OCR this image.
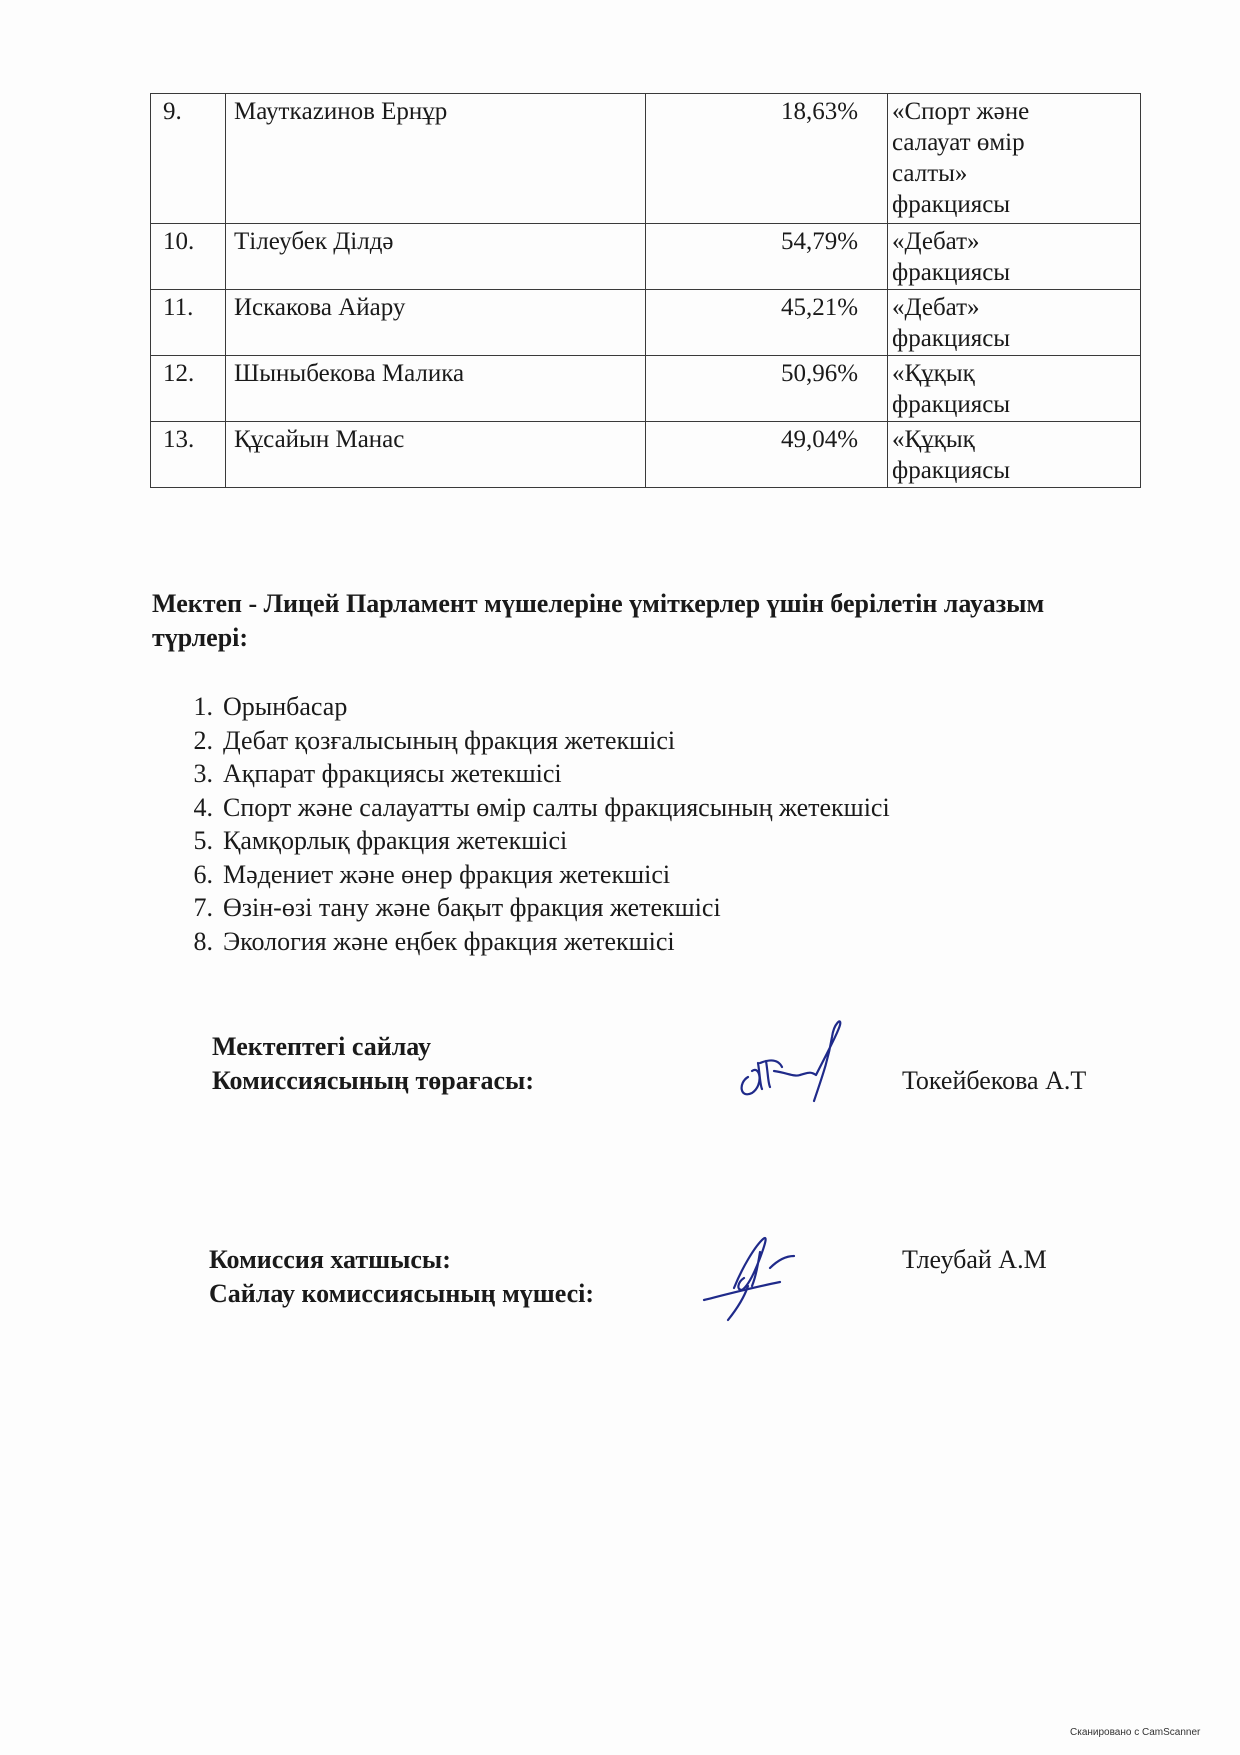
9.	Мауткazинов Ернұр	18,63%	«Спорт және
салауат өмір
салты»
фракциясы

10.	Тілеубек Ділдә	54,79%	«Дебат»
фракциясы

11.	Искакова Айару	45,21%	«Дебат»
фракциясы

12.	Шыныбекова Малика	50,96%	«Құқық
фракциясы

13.	Құсайын Манас	49,04%	«Құқық
фракциясы
Мектеп - Лицей Парламент мүшелеріне үміткерлер үшін берілетін лауазым түрлері:
1. Орынбасар
2. Дебат қозғалысының фракция жетекшісі
3. Ақпарат фракциясы жетекшісі
4. Спорт және салауатты өмір салты фракциясының жетекшісі
5. Қамқорлық фракция жетекшісі
6. Мәдениет және өнер фракция жетекшісі
7. Өзін-өзі тану және бақыт фракция жетекшісі
8. Экология және еңбек фракция жетекшісі
Мектептегі сайлау
Комиссиясының төрағасы:	Токейбекова А.Т
Комиссия хатшысы:
Сайлау комиссиясының мүшесі:
Тлеубай А.М
Сканировано с CamScanner
